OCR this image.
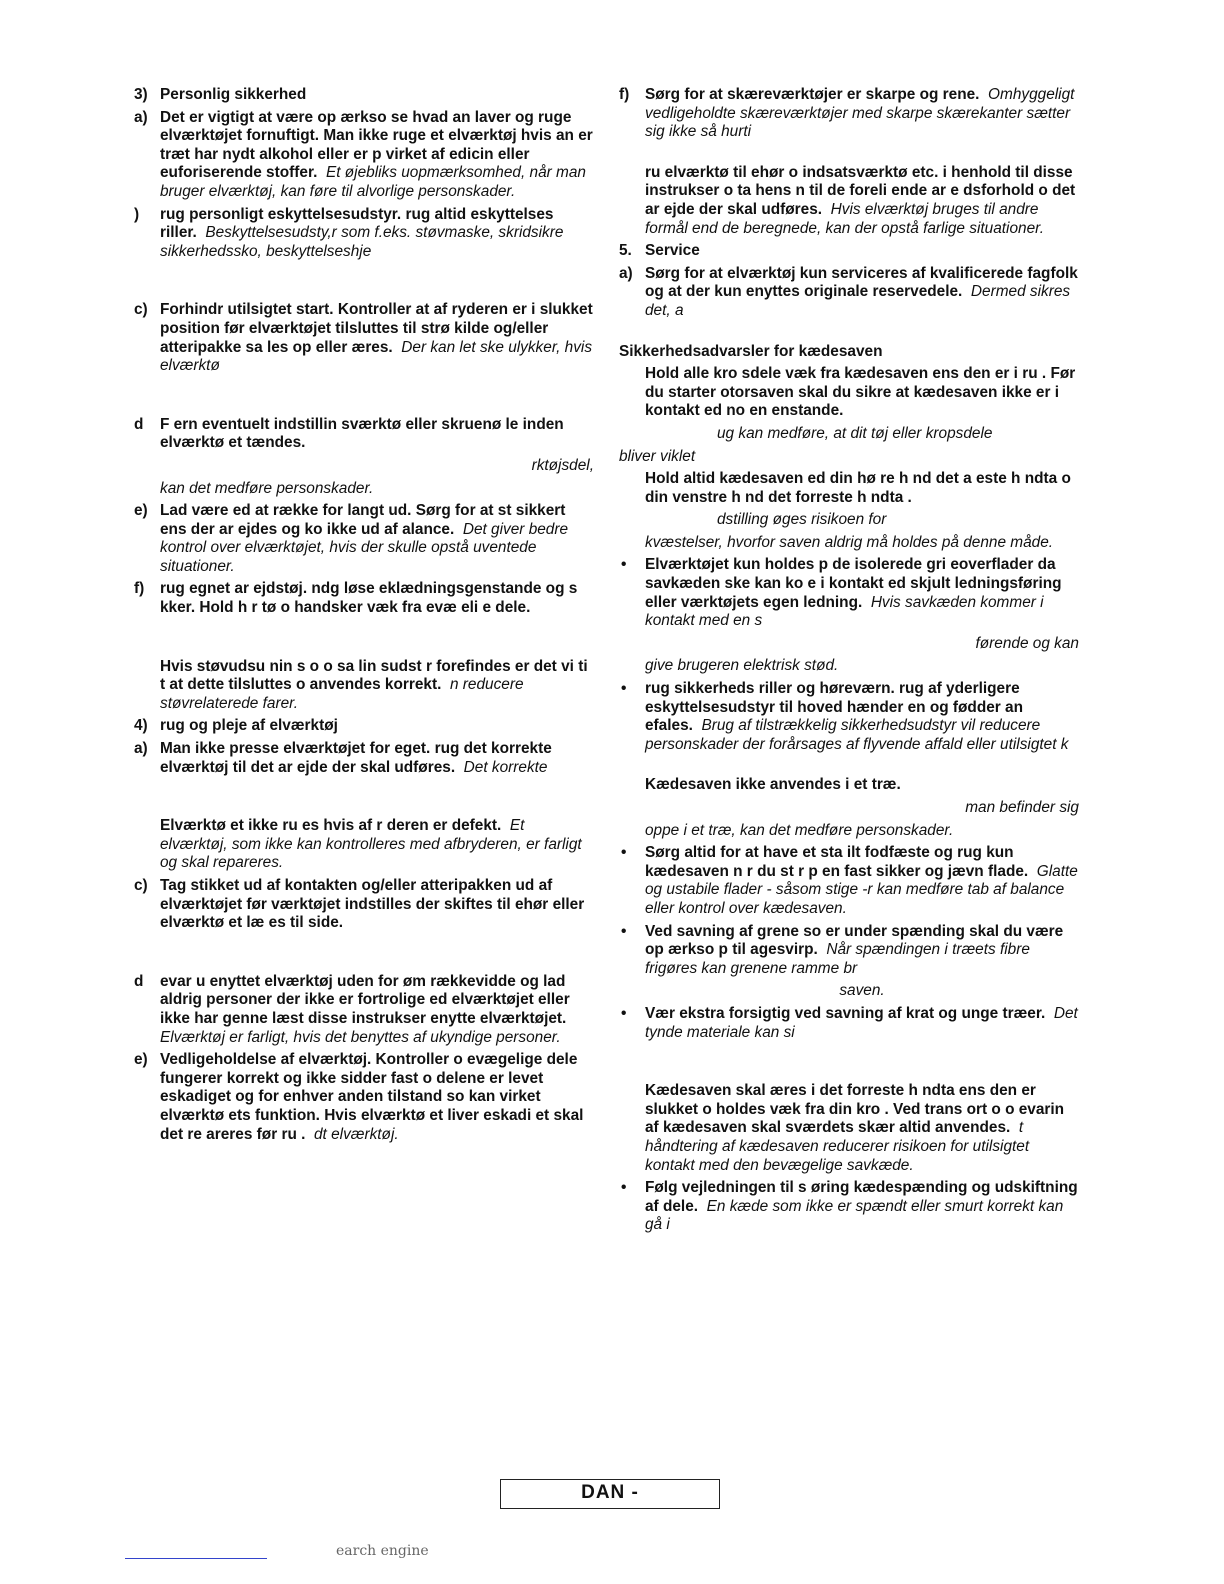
3) Personlig sikkerhed
a) Det er vigtigt at være op ærkso se hvad an laver og ruge elværktøjet fornuftigt. Man ikke ruge et elværktøj hvis an er træt har nydt alkohol eller er p virket af edicin eller euforiserende stoffer. Et øjebliks uopmærksomhed, når man bruger elværktøj, kan føre til alvorlige personskader.
) rug personligt eskyttelsesudstyr. rug altid eskyttelses riller. Beskyttelsesudsty,r som f.eks. støvmaske, skridsikre sikkerhedssko, beskyttelseshje
c) Forhindr utilsigtet start. Kontroller at af ryderen er i slukket position før elværktøjet tilsluttes til strø kilde og/eller atteripakke sa les op eller æres. Der kan let ske ulykker, hvis elværktø
d F ern eventuelt indstillin sværktø eller skruenø le inden elværktø et tændes.
rktøjsdel,
kan det medføre personskader.
e) Lad være ed at række for langt ud. Sørg for at st sikkert ens der ar ejdes og ko ikke ud af alance. Det giver bedre kontrol over elværktøjet, hvis der skulle opstå uventede situationer.
f) rug egnet ar ejdstøj. ndg løse eklædningsgenstande og s kker. Hold h r tø o handsker væk fra evæ eli e dele.
Hvis støvudsu nin s o o sa lin sudst r forefindes er det vi ti t at dette tilsluttes o anvendes korrekt. n reducere støvrelaterede farer.
4) rug og pleje af elværktøj
a) Man ikke presse elværktøjet for eget. rug det korrekte elværktøj til det ar ejde der skal udføres. Det korrekte
Elværktø et ikke ru es hvis af r deren er defekt. Et elværktøj, som ikke kan kontrolleres med afbryderen, er farligt og skal repareres.
c) Tag stikket ud af kontakten og/eller atteripakken ud af elværktøjet før værktøjet indstilles der skiftes til ehør eller elværktø et læ es til side.
d evar u enyttet elværktøj uden for øm rækkevidde og lad aldrig personer der ikke er fortrolige ed elværktøjet eller ikke har genne læst disse instrukser enytte elværktøjet.  Elværktøj er farligt, hvis det benyttes af ukyndige personer.
e) Vedligeholdelse af elværktøj. Kontroller o evægelige dele fungerer korrekt og ikke sidder fast o delene er levet eskadiget og for enhver anden tilstand so kan virket elværktø ets funktion. Hvis elværktø et liver eskadi et skal det re areres før ru . dt elværktøj.
f) Sørg for at skæreværktøjer er skarpe og rene. Omhyggeligt vedligeholdte skæreværktøjer med skarpe skærekanter sætter sig ikke så hurti
ru elværktø til ehør o indsatsværktø etc. i henhold til disse instrukser o ta hens n til de foreli ende ar e dsforhold o det ar ejde der skal udføres. Hvis elværktøj bruges til andre formål end de beregnede, kan der opstå farlige situationer.
5. Service
a) Sørg for at elværktøj kun serviceres af kvalificerede fagfolk og at der kun enyttes originale reservedele. Dermed sikres det, a
Sikkerhedsadvarsler for kædesaven
Hold alle kro sdele væk fra kædesaven ens den er i ru . Før du starter otorsaven skal du sikre at kædesaven ikke er i kontakt ed no en enstande.
ug kan medføre, at dit tøj eller kropsdele
bliver viklet
Hold altid kædesaven ed din hø re h nd det a este h ndta o din venstre h nd det forreste h ndta .
dstilling øges risikoen for
kvæstelser, hvorfor saven aldrig må holdes på denne måde.
• Elværktøjet kun holdes p de isolerede gri eoverflader da savkæden ske kan ko e i kontakt ed skjult ledningsføring eller værktøjets egen ledning. Hvis savkæden kommer i kontakt med en s
førende og kan
give brugeren elektrisk stød.
• rug sikkerheds riller og høreværn. rug af yderligere eskyttelsesudstyr til hoved hænder en og fødder an efales. Brug af tilstrækkelig sikkerhedsudstyr vil reducere personskader der forårsages af flyvende affald eller utilsigtet k
Kædesaven ikke anvendes i et træ.
man befinder sig
oppe i et træ, kan det medføre personskader.
• Sørg altid for at have et sta ilt fodfæste og rug kun kædesaven n r du st r p en fast sikker og jævn flade. Glatte og ustabile flader - såsom stige -r kan medføre tab af balance eller kontrol over kædesaven.
• Ved savning af grene so er under spænding skal du være op ærkso p til agesvirp. Når spændingen i træets fibre frigøres kan grenene ramme br
saven.
• Vær ekstra forsigtig ved savning af krat og unge træer. Det tynde materiale kan si
Kædesaven skal æres i det forreste h ndta ens den er slukket o holdes væk fra din kro . Ved trans ort o o evarin af kædesaven skal sværdets skær altid anvendes. t håndtering af kædesaven reducerer risikoen for utilsigtet kontakt med den bevægelige savkæde.
• Følg vejledningen til s øring kædespænding og udskiftning af dele. En kæde som ikke er spændt eller smurt korrekt kan gå i
DAN -
earch engine
